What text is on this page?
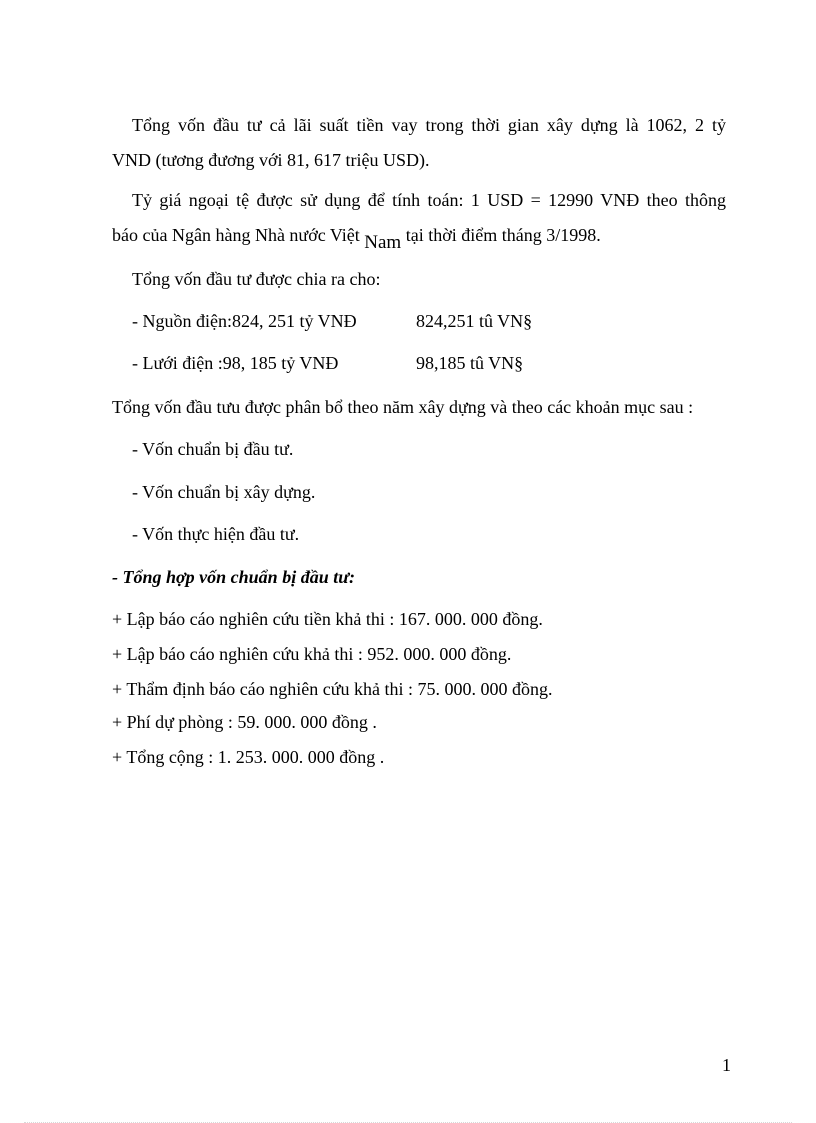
Tổng vốn đầu tư cả lãi suất tiền vay trong thời gian xây dựng là 1062, 2 tỷ

VND (tương đương với 81, 617 triệu USD).

Tỷ giá ngoại tệ được sử dụng để tính toán: 1 USD = 12990 VNĐ theo thông

báo của Ngân hàng Nhà nước Việt Nam tại thời điểm tháng 3/1998.

Tổng vốn đầu tư được chia ra cho:

- Nguồn điện:824, 251 tỷ VNĐ	824,251 tû VN§

- Lưới điện :98, 185 tỷ VNĐ	98,185 tû VN§

Tổng vốn đầu tưu được phân bổ theo năm xây dựng và theo các khoản mục sau :

- Vốn chuẩn bị đầu tư.

- Vốn chuẩn bị xây dựng.

- Vốn thực hiện đầu tư.

- Tổng hợp vốn chuẩn bị đầu tư:

+ Lập báo cáo nghiên cứu tiền khả thi : 167. 000. 000 đồng.

+ Lập báo cáo nghiên cứu khả thi : 952. 000. 000 đồng.

+ Thẩm định báo cáo nghiên cứu khả thi : 75. 000. 000 đồng.

+ Phí dự phòng : 59. 000. 000 đồng .

+ Tổng cộng : 1. 253. 000. 000 đồng .

1
